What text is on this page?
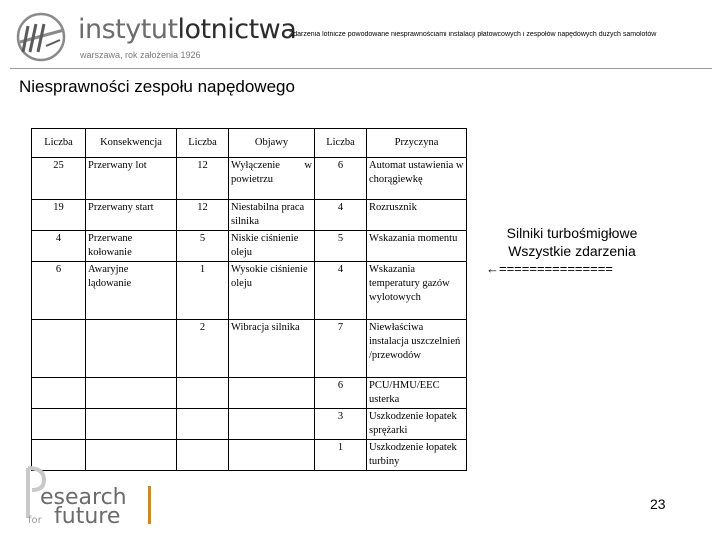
instytutlotnictwa
warszawa, rok założenia 1926
Zdarzenia lotnicze powodowane niesprawnościami instalacji płatowcowych i zespołów napędowych dużych samolotów
Niesprawności zespołu napędowego
Liczba	Konsekwencja	Liczba	Objawy	Liczba	Przyczyna
25	Przerwany lot	12	Wyłączenie w powietrzu	6	Automat ustawienia w chorągiewkę
19	Przerwany start	12	Niestabilna praca silnika	4	Rozrusznik
4	Przerwane kołowanie	5	Niskie ciśnienie oleju	5	Wskazania momentu
6	Awaryjne lądowanie	1	Wysokie ciśnienie oleju	4	Wskazania temperatury gazów wylotowych
		2	Wibracja silnika	7	Niewłaściwa instalacja uszczelnień /przewodów
				6	PCU/HMU/EEC usterka
				3	Uszkodzenie łopatek sprężarki
				1	Uszkodzenie łopatek turbiny
Silniki turbośmigłowe
Wszystkie zdarzenia
←===============
esearch
for future	23
